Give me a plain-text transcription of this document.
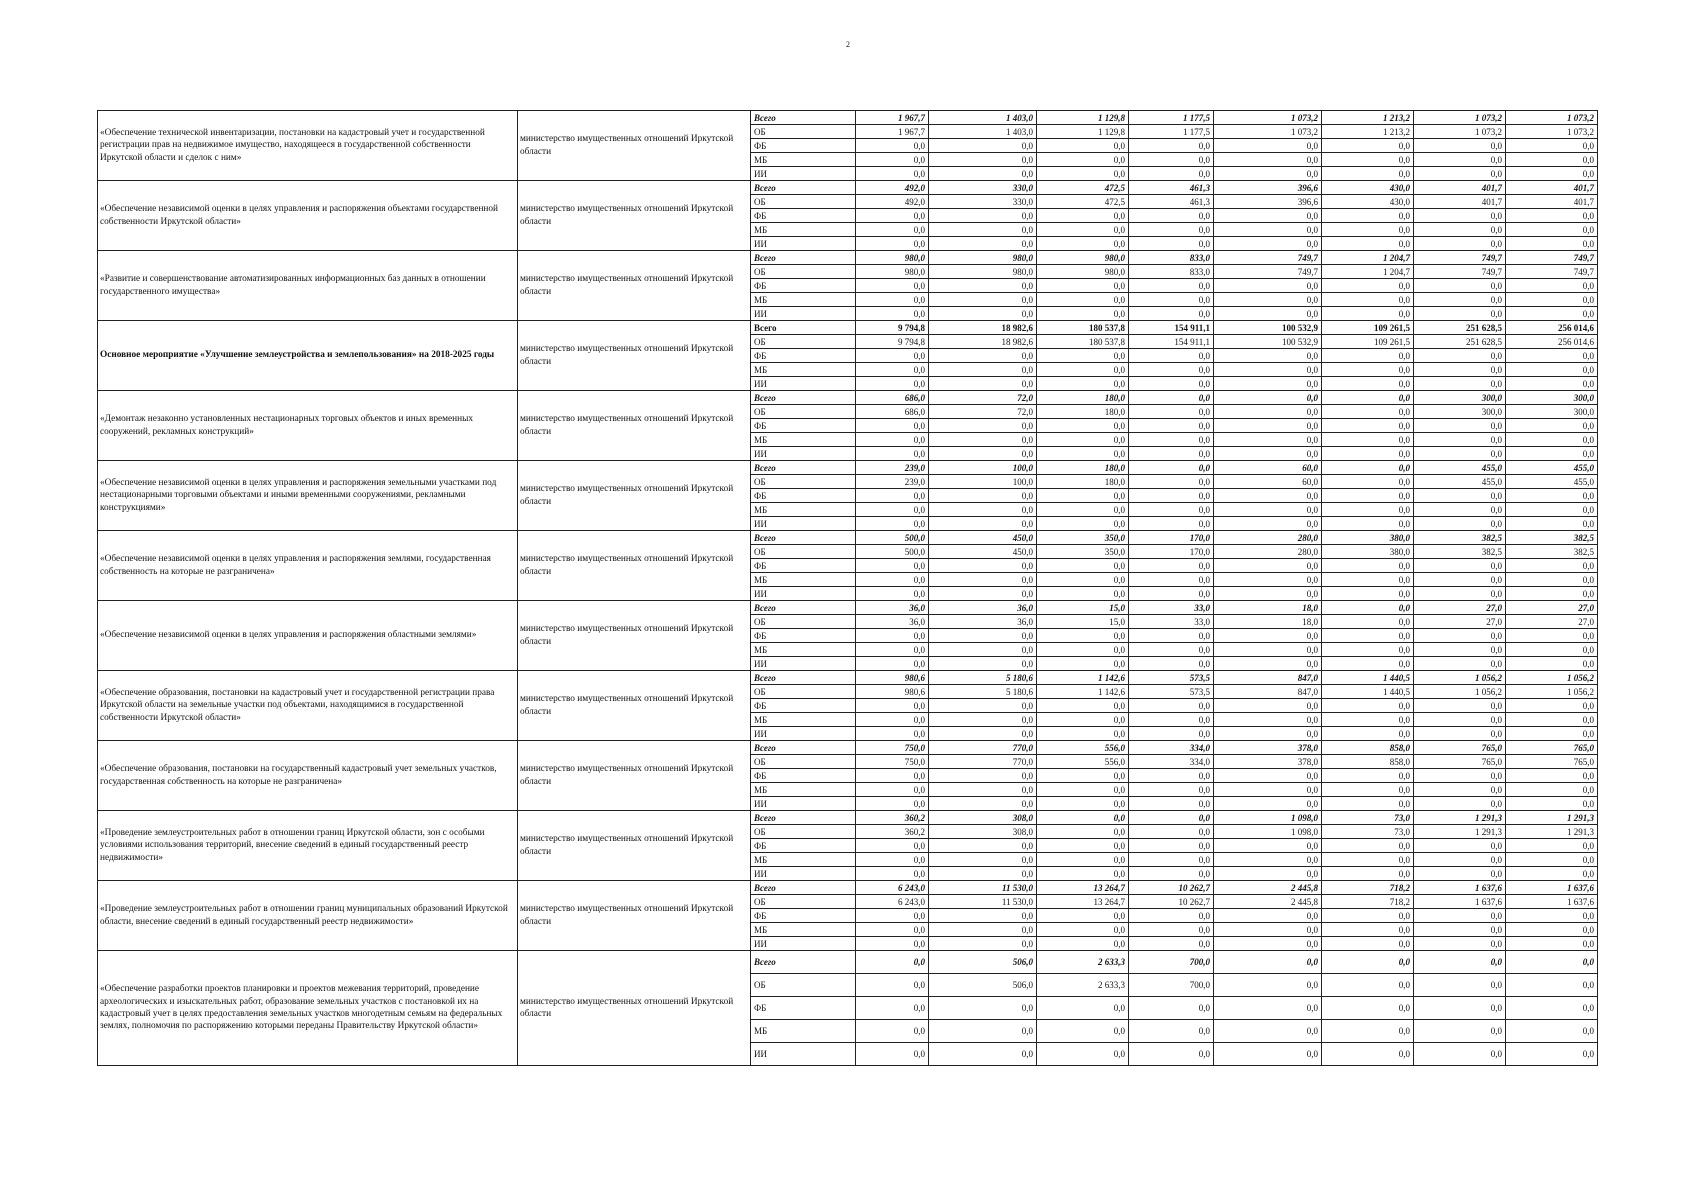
2
«Обеспечение технической инвентаризации, постановки на кадастровый учет и государственной регистрации прав на недвижимое имущество, находящееся в государственной собственности Иркутской области и сделок с ним»	министерство имущественных отношений Иркутской области	Всего	1 967,7	1 403,0	1 129,8	1 177,5	1 073,2	1 213,2	1 073,2	1 073,2
		ОБ	1 967,7	1 403,0	1 129,8	1 177,5	1 073,2	1 213,2	1 073,2	1 073,2
		ФБ	0,0	0,0	0,0	0,0	0,0	0,0	0,0	0,0
		МБ	0,0	0,0	0,0	0,0	0,0	0,0	0,0	0,0
		ИИ	0,0	0,0	0,0	0,0	0,0	0,0	0,0	0,0
«Обеспечение независимой оценки в целях управления и распоряжения объектами государственной собственности Иркутской области»	министерство имущественных отношений Иркутской области	Всего	492,0	330,0	472,5	461,3	396,6	430,0	401,7	401,7
		ОБ	492,0	330,0	472,5	461,3	396,6	430,0	401,7	401,7
		ФБ	0,0	0,0	0,0	0,0	0,0	0,0	0,0	0,0
		МБ	0,0	0,0	0,0	0,0	0,0	0,0	0,0	0,0
		ИИ	0,0	0,0	0,0	0,0	0,0	0,0	0,0	0,0
«Развитие и совершенствование автоматизированных информационных баз данных в отношении государственного имущества»	министерство имущественных отношений Иркутской области	Всего	980,0	980,0	980,0	833,0	749,7	1 204,7	749,7	749,7
		ОБ	980,0	980,0	980,0	833,0	749,7	1 204,7	749,7	749,7
		ФБ	0,0	0,0	0,0	0,0	0,0	0,0	0,0	0,0
		МБ	0,0	0,0	0,0	0,0	0,0	0,0	0,0	0,0
		ИИ	0,0	0,0	0,0	0,0	0,0	0,0	0,0	0,0
Основное мероприятие «Улучшение землеустройства и землепользования» на 2018-2025 годы	министерство имущественных отношений Иркутской области	Всего	9 794,8	18 982,6	180 537,8	154 911,1	100 532,9	109 261,5	251 628,5	256 014,6
		ОБ	9 794,8	18 982,6	180 537,8	154 911,1	100 532,9	109 261,5	251 628,5	256 014,6
		ФБ	0,0	0,0	0,0	0,0	0,0	0,0	0,0	0,0
		МБ	0,0	0,0	0,0	0,0	0,0	0,0	0,0	0,0
		ИИ	0,0	0,0	0,0	0,0	0,0	0,0	0,0	0,0
«Демонтаж незаконно установленных нестационарных торговых объектов и иных временных сооружений, рекламных конструкций»	министерство имущественных отношений Иркутской области	Всего	686,0	72,0	180,0	0,0	0,0	0,0	300,0	300,0
		ОБ	686,0	72,0	180,0	0,0	0,0	0,0	300,0	300,0
		ФБ	0,0	0,0	0,0	0,0	0,0	0,0	0,0	0,0
		МБ	0,0	0,0	0,0	0,0	0,0	0,0	0,0	0,0
		ИИ	0,0	0,0	0,0	0,0	0,0	0,0	0,0	0,0
«Обеспечение независимой оценки в целях управления и распоряжения земельными участками под нестационарными торговыми объектами и иными временными сооружениями, рекламными конструкциями»	министерство имущественных отношений Иркутской области	Всего	239,0	100,0	180,0	0,0	60,0	0,0	455,0	455,0
		ОБ	239,0	100,0	180,0	0,0	60,0	0,0	455,0	455,0
		ФБ	0,0	0,0	0,0	0,0	0,0	0,0	0,0	0,0
		МБ	0,0	0,0	0,0	0,0	0,0	0,0	0,0	0,0
		ИИ	0,0	0,0	0,0	0,0	0,0	0,0	0,0	0,0
«Обеспечение независимой оценки в целях управления и распоряжения землями, государственная собственность на которые не разграничена»	министерство имущественных отношений Иркутской области	Всего	500,0	450,0	350,0	170,0	280,0	380,0	382,5	382,5
		ОБ	500,0	450,0	350,0	170,0	280,0	380,0	382,5	382,5
		ФБ	0,0	0,0	0,0	0,0	0,0	0,0	0,0	0,0
		МБ	0,0	0,0	0,0	0,0	0,0	0,0	0,0	0,0
		ИИ	0,0	0,0	0,0	0,0	0,0	0,0	0,0	0,0
«Обеспечение независимой оценки в целях управления и распоряжения областными землями»	министерство имущественных отношений Иркутской области	Всего	36,0	36,0	15,0	33,0	18,0	0,0	27,0	27,0
		ОБ	36,0	36,0	15,0	33,0	18,0	0,0	27,0	27,0
		ФБ	0,0	0,0	0,0	0,0	0,0	0,0	0,0	0,0
		МБ	0,0	0,0	0,0	0,0	0,0	0,0	0,0	0,0
		ИИ	0,0	0,0	0,0	0,0	0,0	0,0	0,0	0,0
«Обеспечение образования, постановки на кадастровый учет и государственной регистрации права Иркутской области на земельные участки под объектами, находящимися в государственной собственности Иркутской области»	министерство имущественных отношений Иркутской области	Всего	980,6	5 180,6	1 142,6	573,5	847,0	1 440,5	1 056,2	1 056,2
		ОБ	980,6	5 180,6	1 142,6	573,5	847,0	1 440,5	1 056,2	1 056,2
		ФБ	0,0	0,0	0,0	0,0	0,0	0,0	0,0	0,0
		МБ	0,0	0,0	0,0	0,0	0,0	0,0	0,0	0,0
		ИИ	0,0	0,0	0,0	0,0	0,0	0,0	0,0	0,0
«Обеспечение образования, постановки на государственный кадастровый учет земельных участков, государственная собственность на которые не разграничена»	министерство имущественных отношений Иркутской области	Всего	750,0	770,0	556,0	334,0	378,0	858,0	765,0	765,0
		ОБ	750,0	770,0	556,0	334,0	378,0	858,0	765,0	765,0
		ФБ	0,0	0,0	0,0	0,0	0,0	0,0	0,0	0,0
		МБ	0,0	0,0	0,0	0,0	0,0	0,0	0,0	0,0
		ИИ	0,0	0,0	0,0	0,0	0,0	0,0	0,0	0,0
«Проведение землеустроительных работ в отношении границ Иркутской области, зон с особыми условиями использования территорий, внесение сведений в единый государственный реестр недвижимости»	министерство имущественных отношений Иркутской области	Всего	360,2	308,0	0,0	0,0	1 098,0	73,0	1 291,3	1 291,3
		ОБ	360,2	308,0	0,0	0,0	1 098,0	73,0	1 291,3	1 291,3
		ФБ	0,0	0,0	0,0	0,0	0,0	0,0	0,0	0,0
		МБ	0,0	0,0	0,0	0,0	0,0	0,0	0,0	0,0
		ИИ	0,0	0,0	0,0	0,0	0,0	0,0	0,0	0,0
«Проведение землеустроительных работ в отношении границ муниципальных образований Иркутской области, внесение сведений в единый государственный реестр недвижимости»	министерство имущественных отношений Иркутской области	Всего	6 243,0	11 530,0	13 264,7	10 262,7	2 445,8	718,2	1 637,6	1 637,6
		ОБ	6 243,0	11 530,0	13 264,7	10 262,7	2 445,8	718,2	1 637,6	1 637,6
		ФБ	0,0	0,0	0,0	0,0	0,0	0,0	0,0	0,0
		МБ	0,0	0,0	0,0	0,0	0,0	0,0	0,0	0,0
		ИИ	0,0	0,0	0,0	0,0	0,0	0,0	0,0	0,0
«Обеспечение разработки проектов планировки и проектов межевания территорий, проведение археологических и изыскательных работ, образование земельных участков с постановкой их на кадастровый учет в целях предоставления земельных участков многодетным семьям на федеральных землях, полномочия по распоряжению которыми переданы Правительству Иркутской области»	министерство имущественных отношений Иркутской области	Всего	0,0	506,0	2 633,3	700,0	0,0	0,0	0,0	0,0
		ОБ	0,0	506,0	2 633,3	700,0	0,0	0,0	0,0	0,0
		ФБ	0,0	0,0	0,0	0,0	0,0	0,0	0,0	0,0
		МБ	0,0	0,0	0,0	0,0	0,0	0,0	0,0	0,0
		ИИ	0,0	0,0	0,0	0,0	0,0	0,0	0,0	0,0
